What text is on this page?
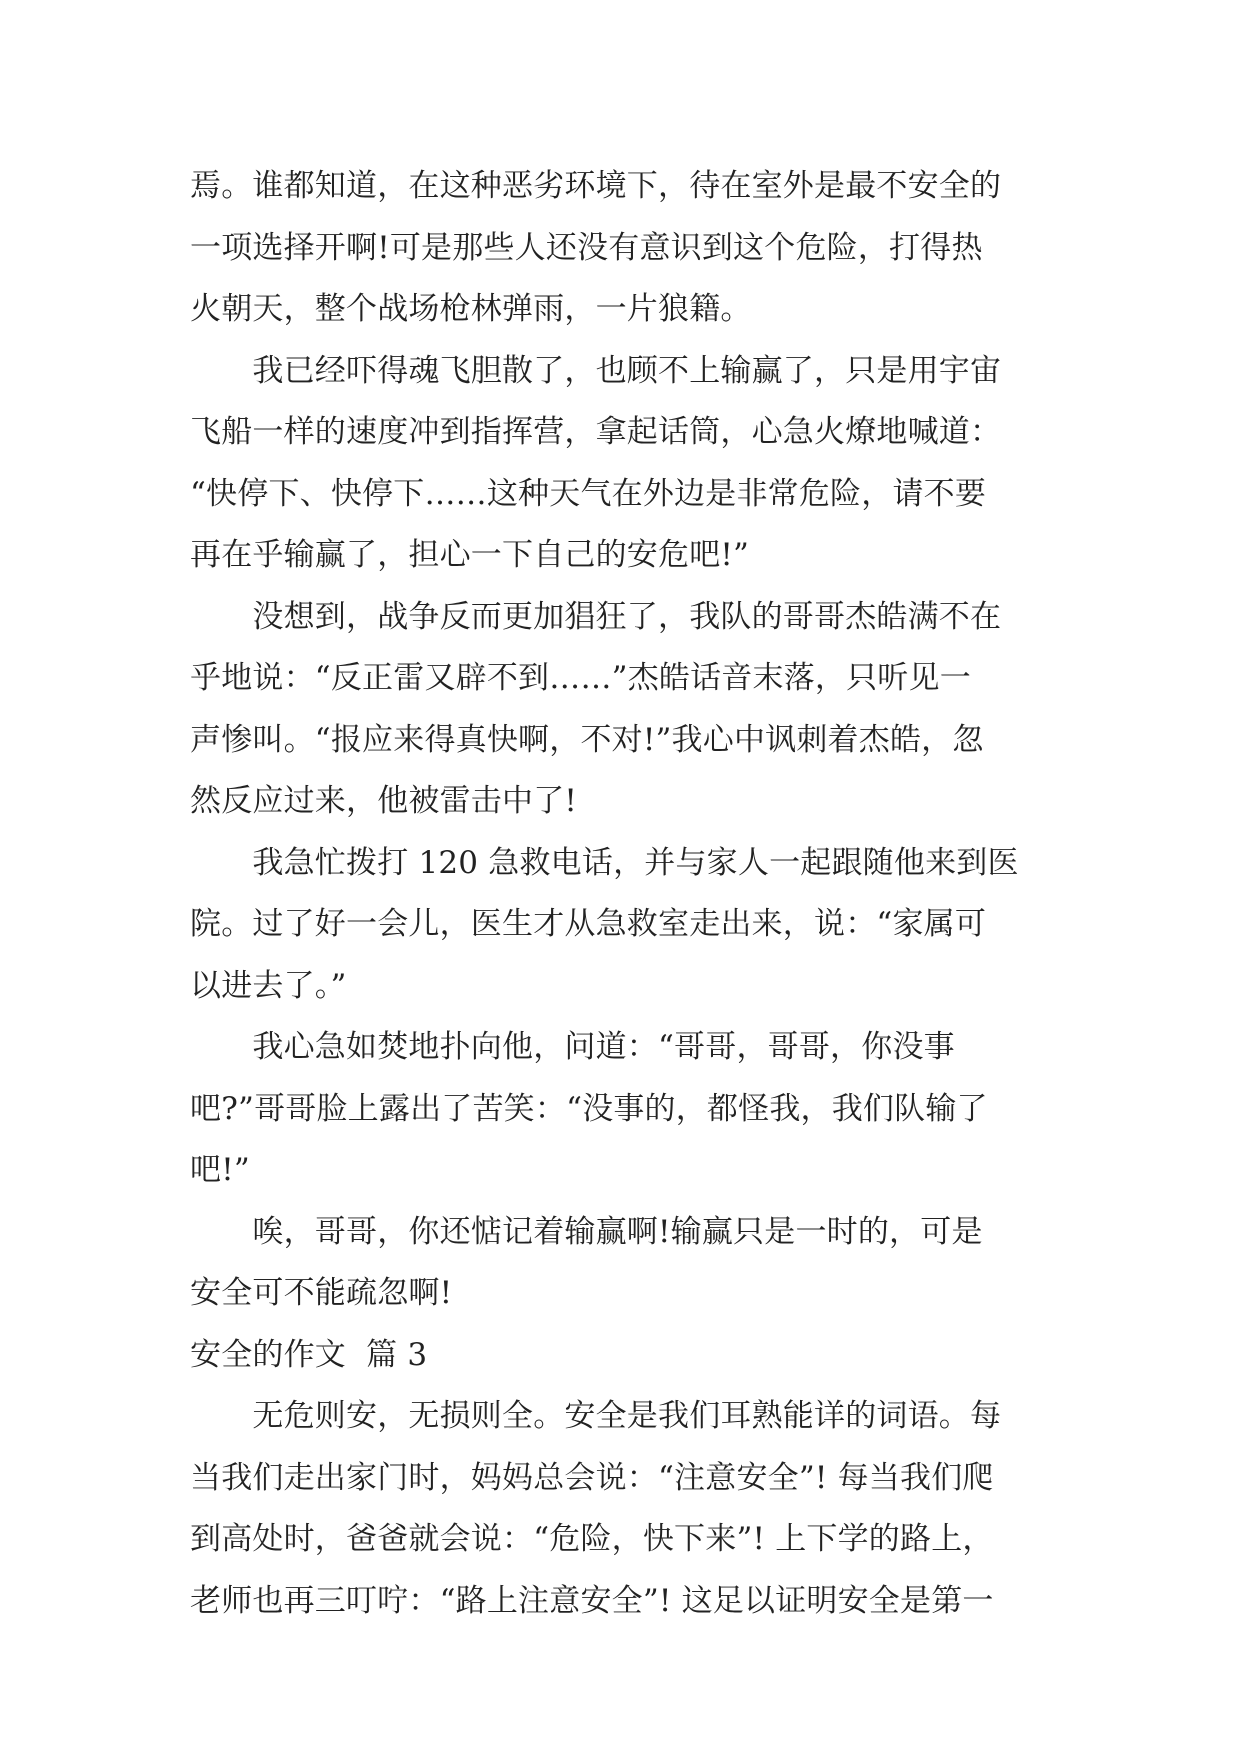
焉。谁都知道，在这种恶劣环境下，待在室外是最不安全的
一项选择开啊!可是那些人还没有意识到这个危险，打得热
火朝天，整个战场枪林弹雨，一片狼籍。
　　我已经吓得魂飞胆散了，也顾不上输赢了，只是用宇宙
飞船一样的速度冲到指挥营，拿起话筒，心急火燎地喊道：
“快停下、快停下……这种天气在外边是非常危险，请不要
再在乎输赢了，担心一下自己的安危吧!”
　　没想到，战争反而更加猖狂了，我队的哥哥杰皓满不在
乎地说：“反正雷又辟不到……”杰皓话音末落，只听见一
声惨叫。“报应来得真快啊，不对!”我心中讽刺着杰皓，忽
然反应过来，他被雷击中了!
　　我急忙拨打 120 急救电话，并与家人一起跟随他来到医
院。过了好一会儿，医生才从急救室走出来，说：“家属可
以进去了。”
　　我心急如焚地扑向他，问道：“哥哥，哥哥，你没事
吧?”哥哥脸上露出了苦笑：“没事的，都怪我，我们队输了
吧!”
　　唉，哥哥，你还惦记着输赢啊!输赢只是一时的，可是
安全可不能疏忽啊!
安全的作文  篇 3
　　无危则安，无损则全。安全是我们耳熟能详的词语。每
当我们走出家门时，妈妈总会说：“注意安全”! 每当我们爬
到高处时，爸爸就会说：“危险，快下来”! 上下学的路上，
老师也再三叮咛：“路上注意安全”! 这足以证明安全是第一
